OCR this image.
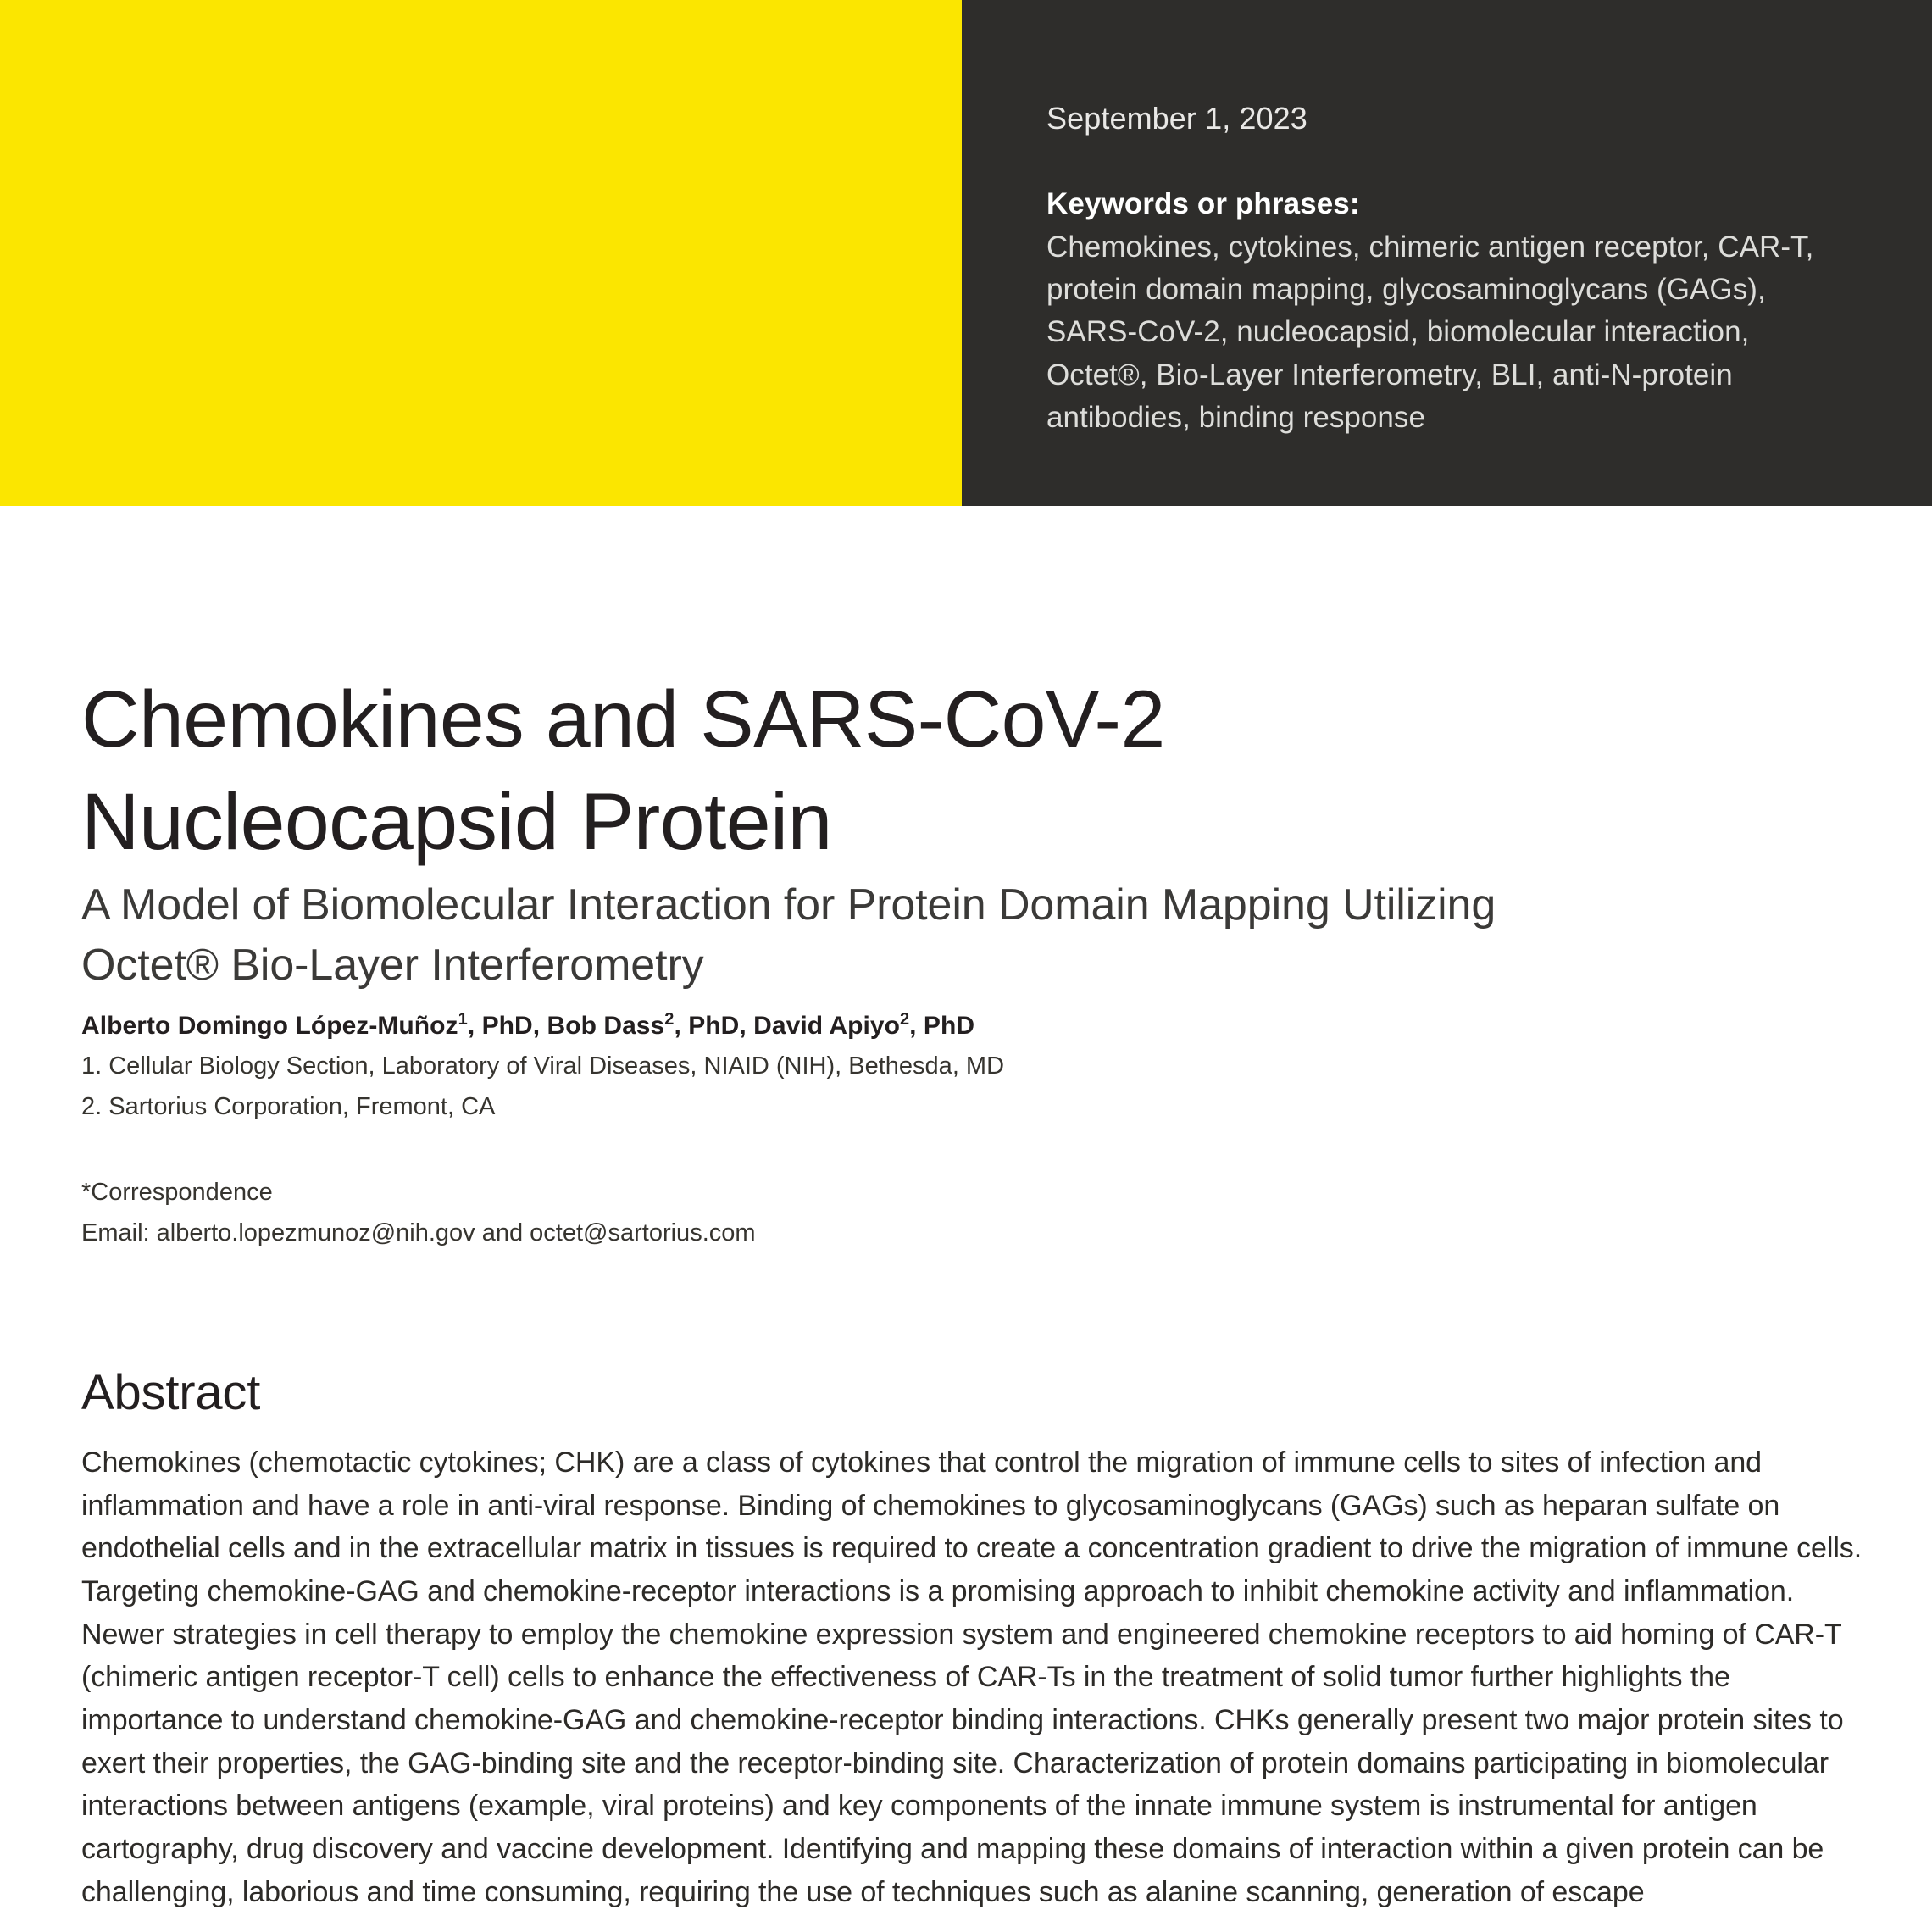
September 1, 2023
Keywords or phrases:
Chemokines, cytokines, chimeric antigen receptor, CAR-T, protein domain mapping, glycosaminoglycans (GAGs), SARS-CoV-2, nucleocapsid, biomolecular interaction, Octet®, Bio-Layer Interferometry, BLI, anti-N-protein antibodies, binding response
Chemokines and SARS-CoV-2 Nucleocapsid Protein
A Model of Biomolecular Interaction for Protein Domain Mapping Utilizing Octet® Bio-Layer Interferometry
Alberto Domingo López-Muñoz$^1$, PhD, Bob Dass$^2$, PhD, David Apiyo$^2$, PhD
1. Cellular Biology Section, Laboratory of Viral Diseases, NIAID (NIH), Bethesda, MD
2. Sartorius Corporation, Fremont, CA
*Correspondence
Email: alberto.lopezmunoz@nih.gov and octet@sartorius.com
Abstract

Chemokines (chemotactic cytokines; CHK) are a class of cytokines that control the migration of immune cells to sites of infection and inflammation and have a role in anti-viral response. Binding of chemokines to glycosaminoglycans (GAGs) such as heparan sulfate on endothelial cells and in the extracellular matrix in tissues is required to create a concentration gradient to drive the migration of immune cells. Targeting chemokine-GAG and chemokine-receptor interactions is a promising approach to inhibit chemokine activity and inflammation. Newer strategies in cell therapy to employ the chemokine expression system and engineered chemokine receptors to aid homing of CAR-T (chimeric antigen receptor-T cell) cells to enhance the effectiveness of CAR-Ts in the treatment of solid tumor further highlights the importance to understand chemokine-GAG and chemokine-receptor binding interactions. CHKs generally present two major protein sites to exert their properties, the GAG-binding site and the receptor-binding site. Characterization of protein domains participating in biomolecular interactions between antigens (example, viral proteins) and key components of the innate immune system is instrumental for antigen cartography, drug discovery and vaccine development. Identifying and mapping these domains of interaction within a given protein can be challenging, laborious and time consuming, requiring the use of techniques such as alanine scanning, generation of escape
